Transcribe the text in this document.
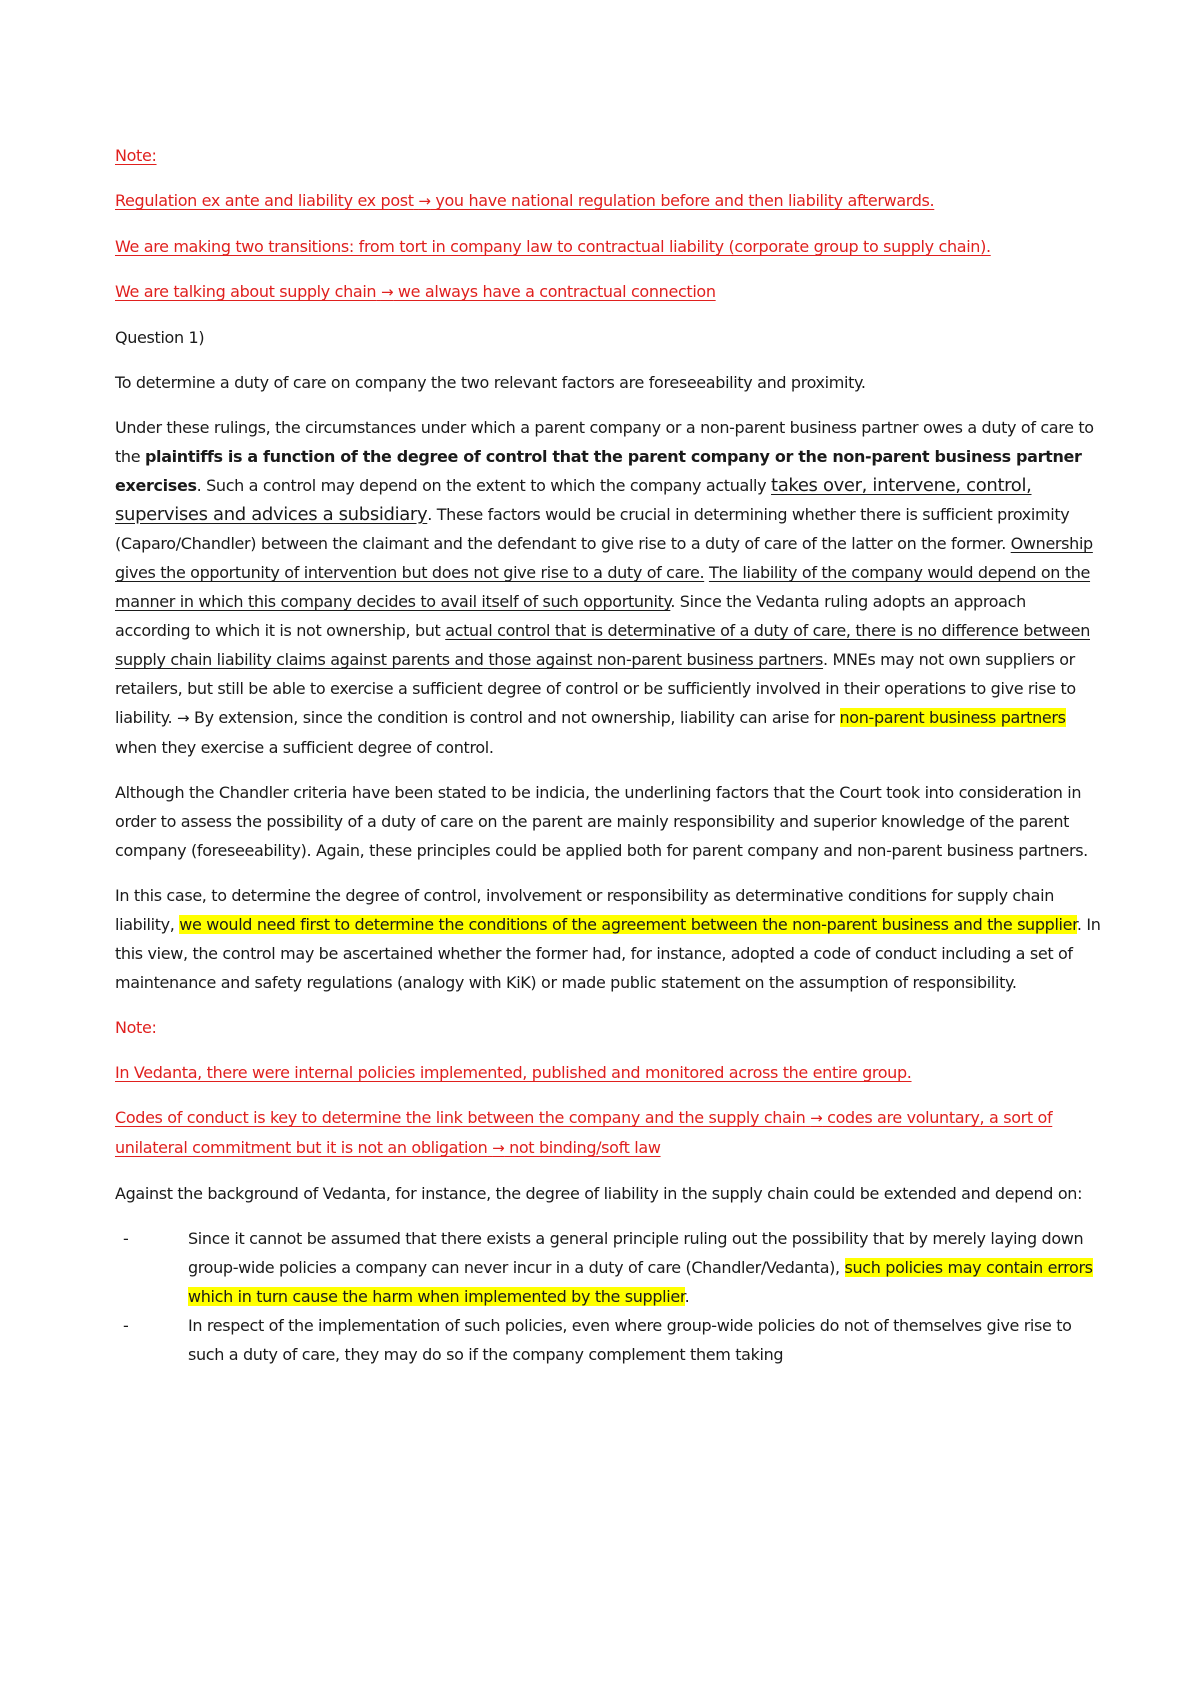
Note:

Regulation ex ante and liability ex post → you have national regulation before and then liability afterwards.

We are making two transitions: from tort in company law to contractual liability (corporate group to supply chain).

We are talking about supply chain → we always have a contractual connection

Question 1)

To determine a duty of care on company the two relevant factors are foreseeability and proximity.

Under these rulings, the circumstances under which a parent company or a non-parent business partner owes a duty of care to the plaintiffs is a function of the degree of control that the parent company or the non-parent business partner exercises. Such a control may depend on the extent to which the company actually takes over, intervene, control, supervises and advices a subsidiary. These factors would be crucial in determining whether there is sufficient proximity (Caparo/Chandler) between the claimant and the defendant to give rise to a duty of care of the latter on the former. Ownership gives the opportunity of intervention but does not give rise to a duty of care. The liability of the company would depend on the manner in which this company decides to avail itself of such opportunity. Since the Vedanta ruling adopts an approach according to which it is not ownership, but actual control that is determinative of a duty of care, there is no difference between supply chain liability claims against parents and those against non-parent business partners. MNEs may not own suppliers or retailers, but still be able to exercise a sufficient degree of control or be sufficiently involved in their operations to give rise to liability. → By extension, since the condition is control and not ownership, liability can arise for non-parent business partners when they exercise a sufficient degree of control.

Although the Chandler criteria have been stated to be indicia, the underlining factors that the Court took into consideration in order to assess the possibility of a duty of care on the parent are mainly responsibility and superior knowledge of the parent company (foreseeability). Again, these principles could be applied both for parent company and non-parent business partners.

In this case, to determine the degree of control, involvement or responsibility as determinative conditions for supply chain liability, we would need first to determine the conditions of the agreement between the non-parent business and the supplier. In this view, the control may be ascertained whether the former had, for instance, adopted a code of conduct including a set of maintenance and safety regulations (analogy with KiK) or made public statement on the assumption of responsibility.

Note:

In Vedanta, there were internal policies implemented, published and monitored across the entire group.

Codes of conduct is key to determine the link between the company and the supply chain → codes are voluntary, a sort of unilateral commitment but it is not an obligation → not binding/soft law

Against the background of Vedanta, for instance, the degree of liability in the supply chain could be extended and depend on:

-	Since it cannot be assumed that there exists a general principle ruling out the possibility that by merely laying down group-wide policies a company can never incur in a duty of care (Chandler/Vedanta), such policies may contain errors which in turn cause the harm when implemented by the supplier.
-	In respect of the implementation of such policies, even where group-wide policies do not of themselves give rise to such a duty of care, they may do so if the company complement them taking
